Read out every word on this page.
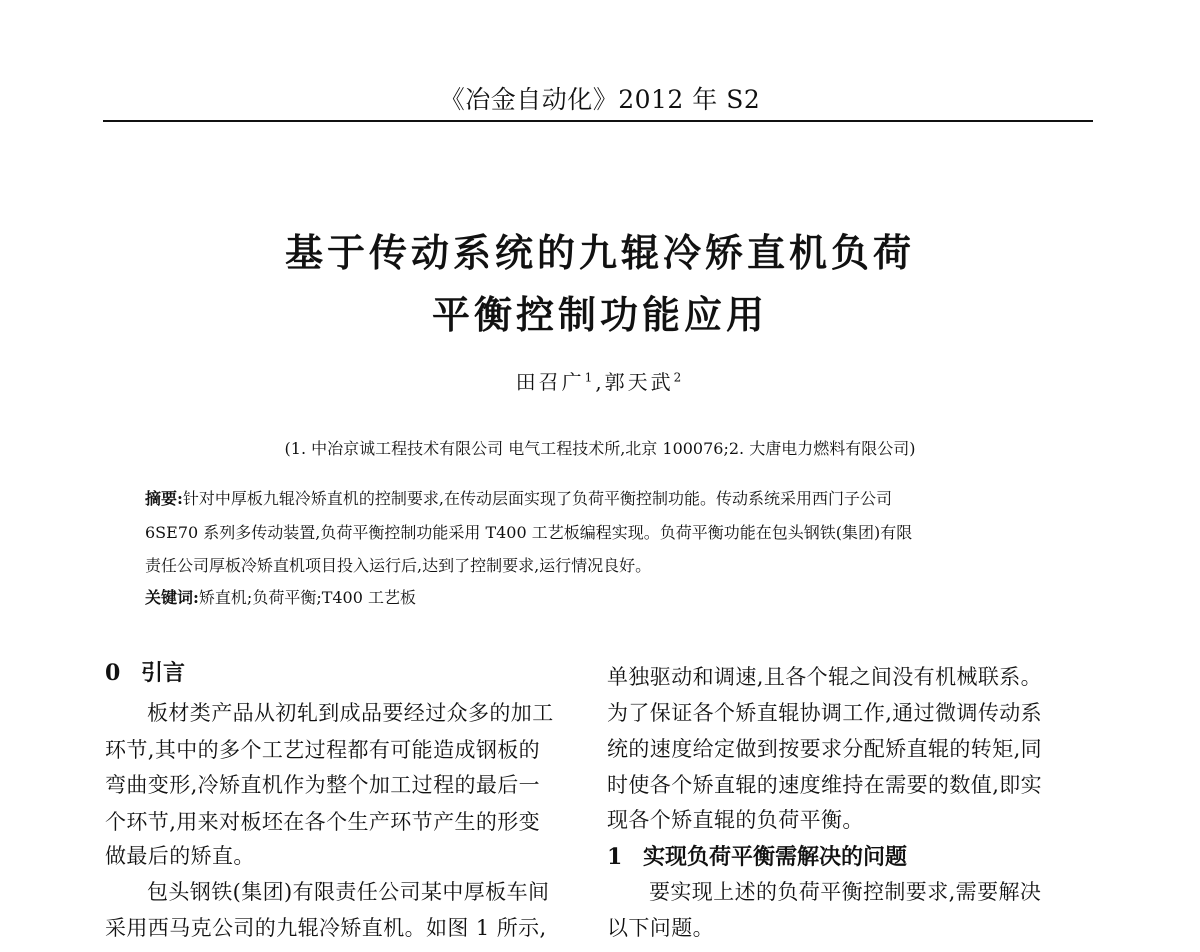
《冶金自动化》2012 年 S2
基于传动系统的九辊冷矫直机负荷
平衡控制功能应用
田召广$^1$,郭天武$^2$
(1. 中冶京诚工程技术有限公司 电气工程技术所,北京 100076;2. 大唐电力燃料有限公司)
摘要:针对中厚板九辊冷矫直机的控制要求,在传动层面实现了负荷平衡控制功能。传动系统采用西门子公司
6SE70 系列多传动装置,负荷平衡控制功能采用 T400 工艺板编程实现。负荷平衡功能在包头钢铁(集团)有限
责任公司厚板冷矫直机项目投入运行后,达到了控制要求,运行情况良好。
关键词:矫直机;负荷平衡;T400 工艺板
0 引言
板材类产品从初轧到成品要经过众多的加工
环节,其中的多个工艺过程都有可能造成钢板的
弯曲变形,冷矫直机作为整个加工过程的最后一
个环节,用来对板坯在各个生产环节产生的形变
做最后的矫直。
包头钢铁(集团)有限责任公司某中厚板车间
采用西马克公司的九辊冷矫直机。如图 1 所示,
单独驱动和调速,且各个辊之间没有机械联系。
为了保证各个矫直辊协调工作,通过微调传动系
统的速度给定做到按要求分配矫直辊的转矩,同
时使各个矫直辊的速度维持在需要的数值,即实
现各个矫直辊的负荷平衡。
1 实现负荷平衡需解决的问题
要实现上述的负荷平衡控制要求,需要解决
以下问题。
